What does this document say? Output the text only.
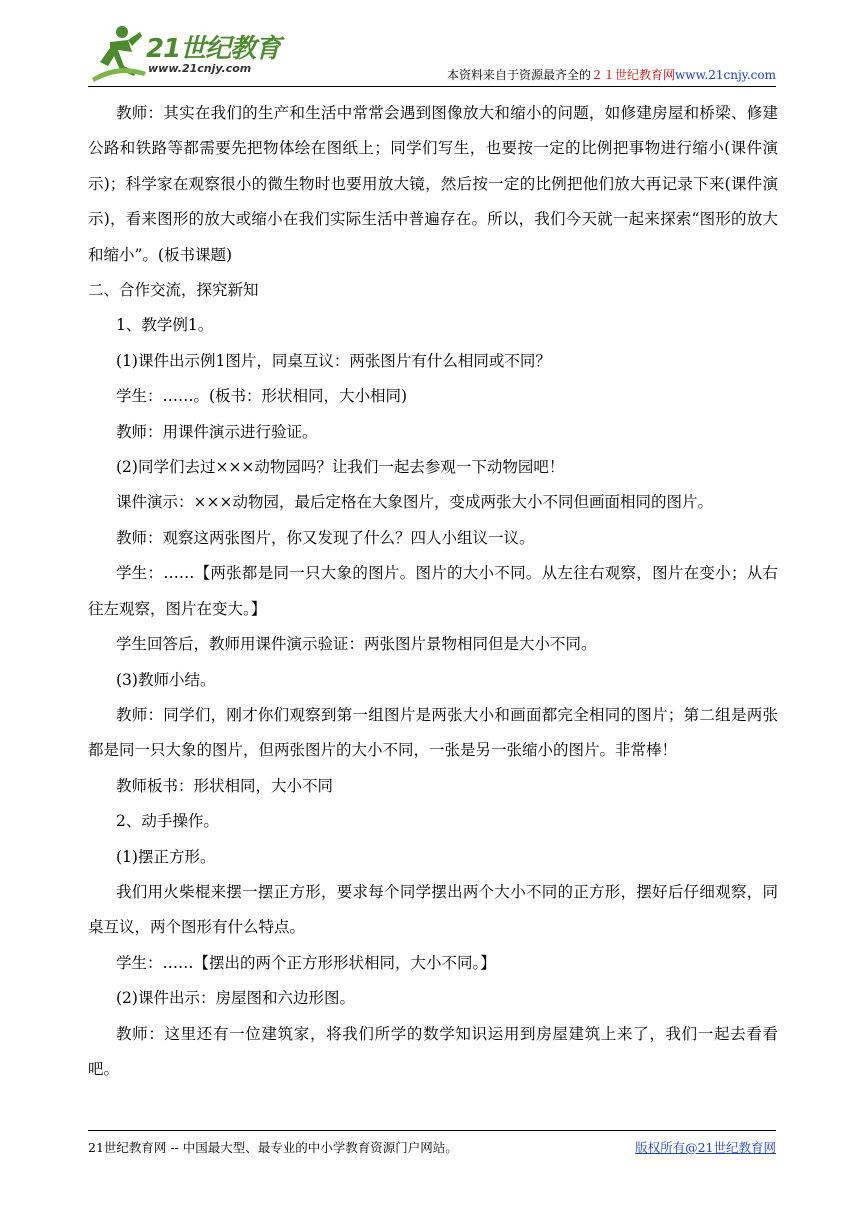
21世纪教育
www.21cnjy.com	本资料来自于资源最齐全的２１世纪教育网www.21cnjy.com

教师：其实在我们的生产和生活中常常会遇到图像放大和缩小的问题，如修建房屋和桥梁、修建公路和铁路等都需要先把物体绘在图纸上；同学们写生，也要按一定的比例把事物进行缩小(课件演示)；科学家在观察很小的微生物时也要用放大镜，然后按一定的比例把他们放大再记录下来(课件演示)，看来图形的放大或缩小在我们实际生活中普遍存在。所以，我们今天就一起来探索“图形的放大和缩小”。(板书课题)

二、合作交流，探究新知

1、教学例1。

(1)课件出示例1图片，同桌互议：两张图片有什么相同或不同？

学生：……。(板书：形状相同，大小相同)

教师：用课件演示进行验证。

(2)同学们去过×××动物园吗？让我们一起去参观一下动物园吧！

课件演示：×××动物园，最后定格在大象图片，变成两张大小不同但画面相同的图片。

教师：观察这两张图片，你又发现了什么？四人小组议一议。

学生：……【两张都是同一只大象的图片。图片的大小不同。从左往右观察，图片在变小；从右往左观察，图片在变大。】

学生回答后，教师用课件演示验证：两张图片景物相同但是大小不同。

(3)教师小结。

教师：同学们，刚才你们观察到第一组图片是两张大小和画面都完全相同的图片；第二组是两张都是同一只大象的图片，但两张图片的大小不同，一张是另一张缩小的图片。非常棒！

教师板书：形状相同，大小不同

2、动手操作。

(1)摆正方形。

我们用火柴棍来摆一摆正方形，要求每个同学摆出两个大小不同的正方形，摆好后仔细观察，同桌互议，两个图形有什么特点。

学生：……【摆出的两个正方形形状相同，大小不同。】

(2)课件出示：房屋图和六边形图。

教师：这里还有一位建筑家，将我们所学的数学知识运用到房屋建筑上来了，我们一起去看看吧。

21世纪教育网 -- 中国最大型、最专业的中小学教育资源门户网站。	版权所有@21世纪教育网
